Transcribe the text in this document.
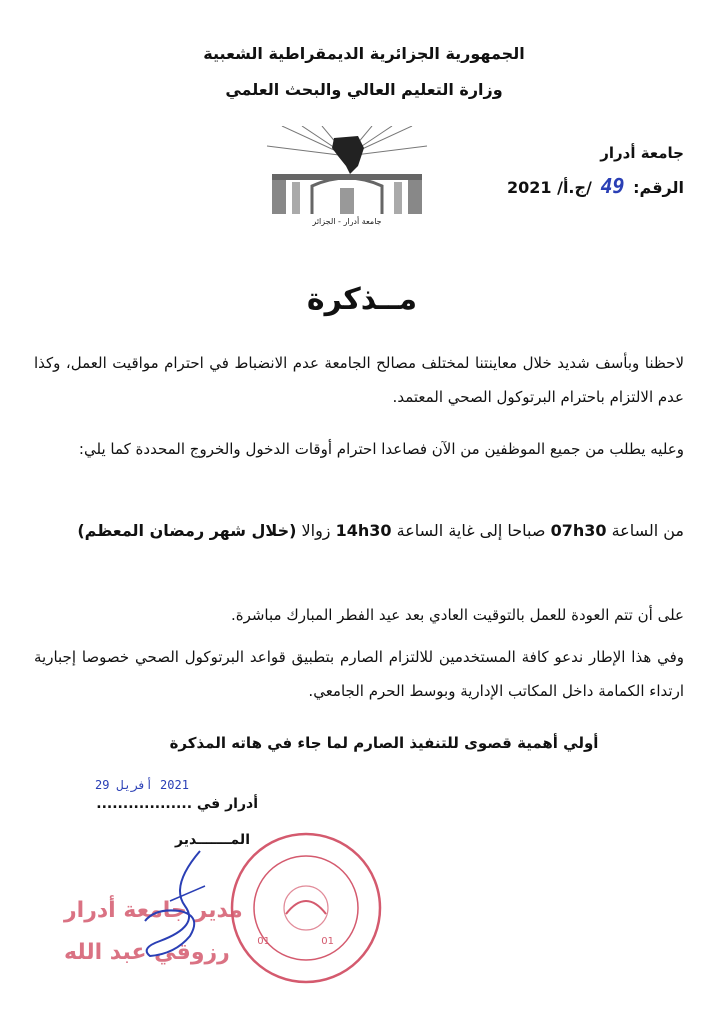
الجمهورية الجزائرية الديمقراطية الشعبية
وزارة التعليم العالي والبحث العلمي
جامعة أدرار
الرقم: 49 /ج.أ/ 2021
جامعة أدرار - الجزائر
مــذكرة
لاحظنا وبأسف شديد خلال معاينتنا لمختلف مصالح الجامعة عدم الانضباط في احترام مواقيت العمل، وكذا عدم الالتزام باحترام البرتوكول الصحي المعتمد.
وعليه يطلب من جميع الموظفين من الآن فصاعدا احترام أوقات الدخول والخروج المحددة كما يلي:
من الساعة 07h30 صباحا إلى غاية الساعة 14h30 زوالا (خلال شهر رمضان المعظم)
على أن تتم العودة للعمل بالتوقيت العادي بعد عيد الفطر المبارك مباشرة.
وفي هذا الإطار ندعو كافة المستخدمين للالتزام الصارم بتطبيق قواعد البرتوكول الصحي خصوصا إجبارية ارتداء الكمامة داخل المكاتب الإدارية وبوسط الحرم الجامعي.
أولي أهمية قصوى للتنفيذ الصارم لما جاء في هاته المذكرة
أدرار في ..................
2021 أفريل 29
المـــــــدير
01	01
مدير جامعة أدرار
رزوقي عبد الله
